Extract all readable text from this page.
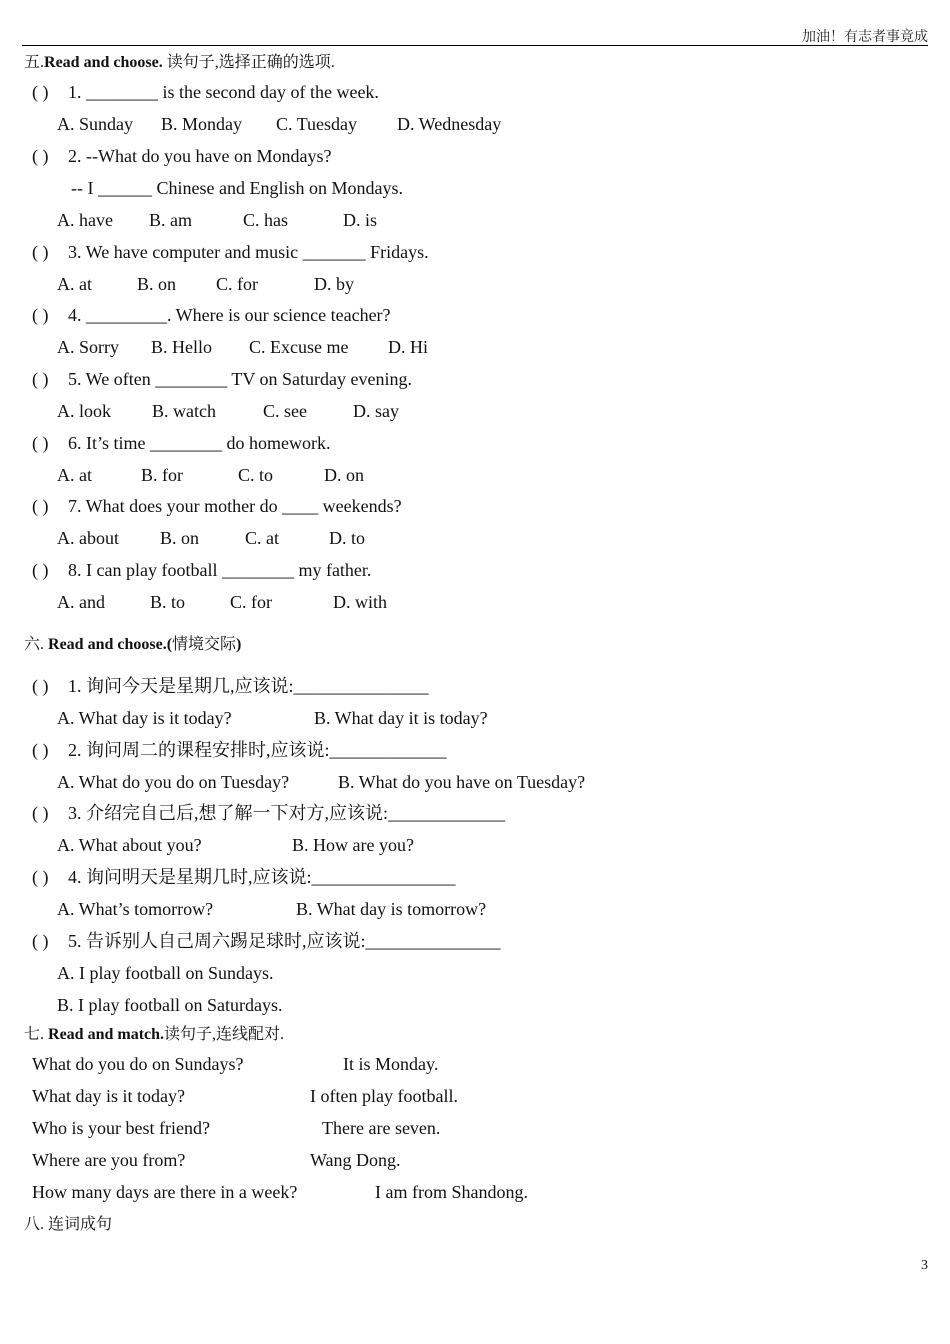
加油！有志者事竟成
五.Read and choose. 读句子,选择正确的选项.
( ) 1. ________ is the second day of the week.
A. Sunday B. Monday C. Tuesday D. Wednesday
( ) 2. --What do you have on Mondays?
-- I ______ Chinese and English on Mondays.
A. have B. am	C. has	D. is
( ) 3. We have computer and music _______ Fridays.
A. at	B. on C. for	D. by
( ) 4. _________. Where is our science teacher?
A. Sorry B. Hello C. Excuse me D. Hi
( ) 5. We often ________ TV on Saturday evening.
A. look B. watch	C. see	D. say
( ) 6. It’s time ________ do homework.
A. at	B. for	C. to	D. on
( ) 7. What does your mother do ____ weekends?
A. about B. on	C. at	D. to
( ) 8. I can play football ________ my father.
A. and	B. to C. for	D. with
六. Read and choose.(情境交际)
( ) 1. 询问今天是星期几,应该说:_______________
A. What day is it today?	B. What day it is today?
( ) 2. 询问周二的课程安排时,应该说:_____________
A. What do you do on Tuesday?	B. What do you have on Tuesday?
( ) 3. 介绍完自己后,想了解一下对方,应该说:_____________
A. What about you?	B. How are you?
( ) 4. 询问明天是星期几时,应该说:________________
A. What’s tomorrow?	B. What day is tomorrow?
( ) 5. 告诉别人自己周六踢足球时,应该说:_______________
A. I play football on Sundays.
B. I play football on Saturdays.
七. Read and match.读句子,连线配对.
What do you do on Sundays?	It is Monday.
What day is it today?	I often play football.
Who is your best friend?	There are seven.
Where are you from?	Wang Dong.
How many days are there in a week?	I am from Shandong.
八. 连词成句
3
